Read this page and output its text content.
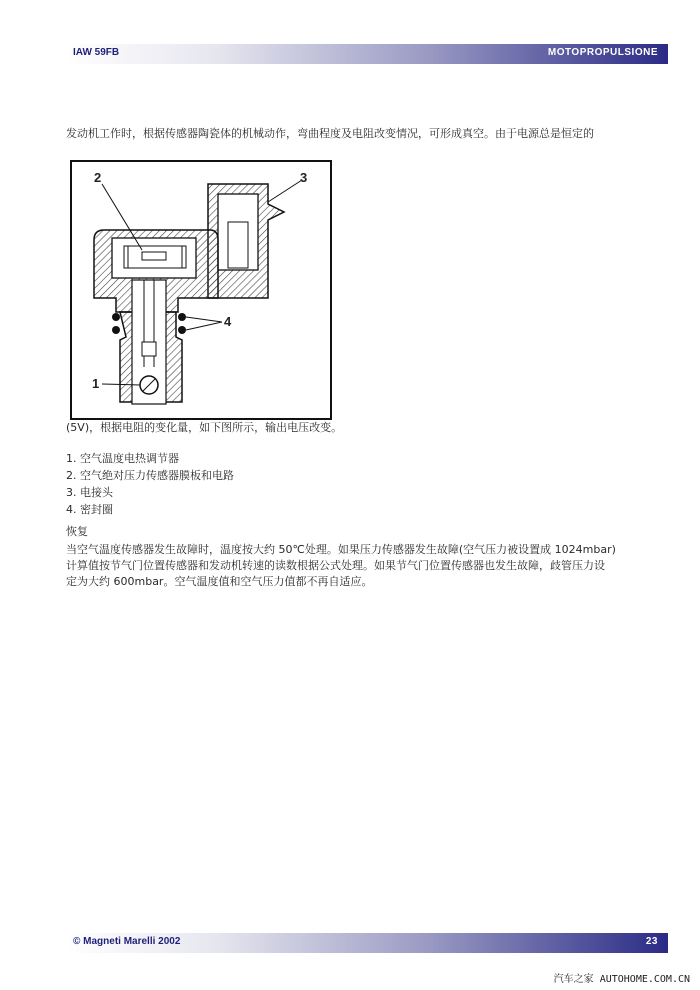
IAW 59FB	MOTOPROPULSIONE

发动机工作时，根据传感器陶瓷体的机械动作，弯曲程度及电阻改变情况，可形成真空。由于电源总是恒定的

2	3
4
1

(5V)，根据电阻的变化量，如下图所示，输出电压改变。

1. 空气温度电热调节器
2. 空气绝对压力传感器膜板和电路
3. 电接头
4. 密封圈

恢复

当空气温度传感器发生故障时，温度按大约 50℃处理。如果压力传感器发生故障(空气压力被设置成 1024mbar)

计算值按节气门位置传感器和发动机转速的读数根据公式处理。如果节气门位置传感器也发生故障，歧管压力设

定为大约 600mbar。空气温度值和空气压力值都不再自适应。

© Magneti Marelli 2002	23
汽车之家 AUTOHOME.COM.CN
